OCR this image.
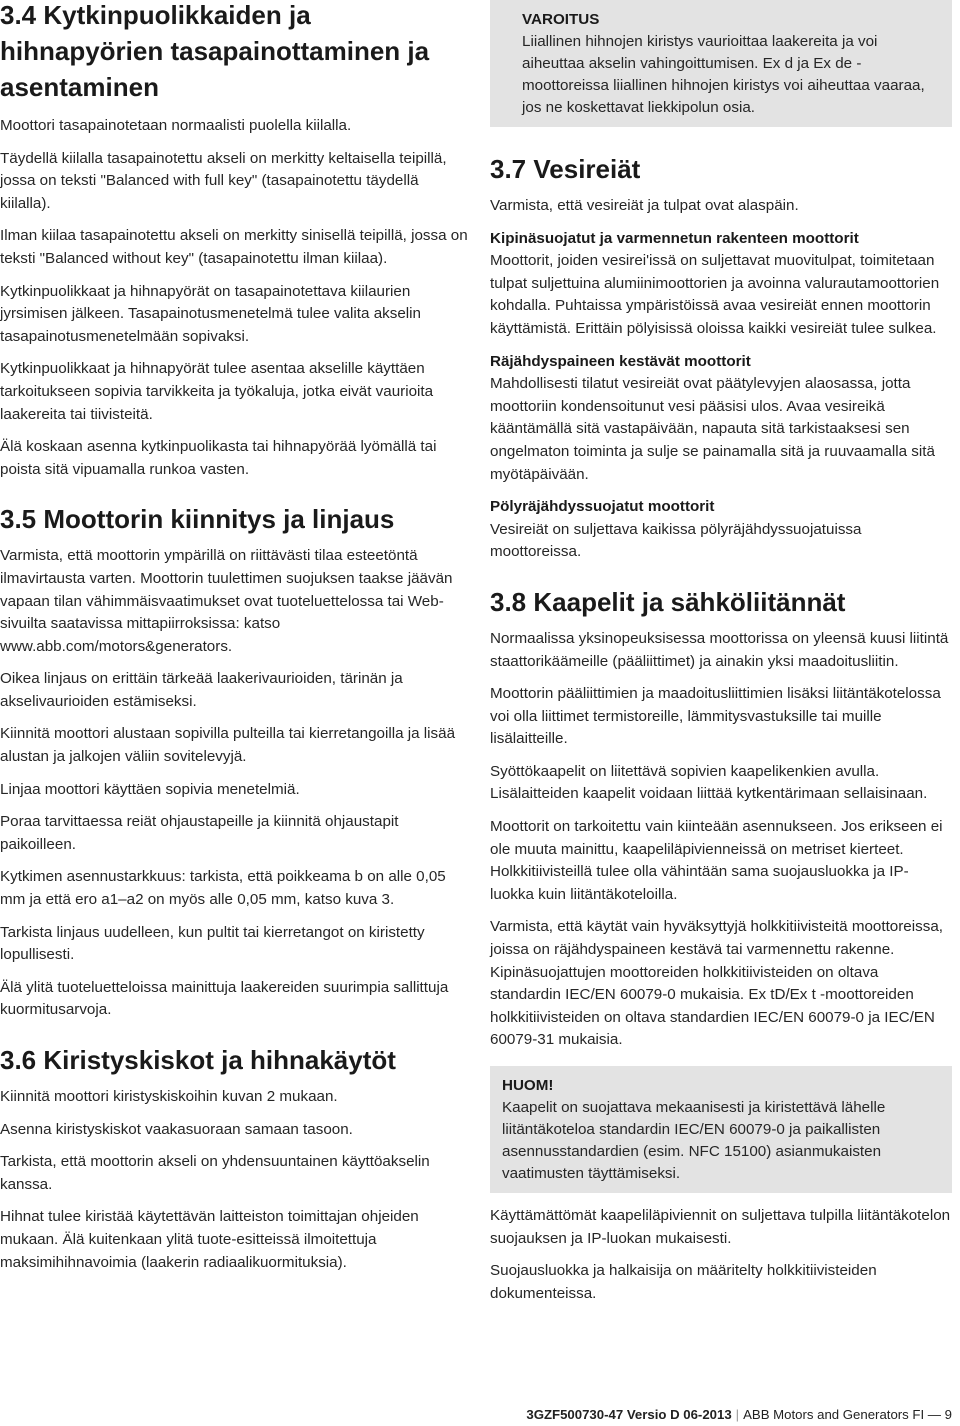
3.4 Kytkinpuolikkaiden ja hihnapyörien tasapainottaminen ja asentaminen

Moottori tasapainotetaan normaalisti puolella kiilalla.

Täydellä kiilalla tasapainotettu akseli on merkitty keltaisella teipillä, jossa on teksti "Balanced with full key" (tasapainotettu täydellä kiilalla).

Ilman kiilaa tasapainotettu akseli on merkitty sinisellä teipillä, jossa on teksti "Balanced without key" (tasapainotettu ilman kiilaa).

Kytkinpuolikkaat ja hihnapyörät on tasapainotettava kiilaurien jyrsimisen jälkeen. Tasapainotusmenetelmä tulee valita akselin tasapainotusmenetelmään sopivaksi.

Kytkinpuolikkaat ja hihnapyörät tulee asentaa akselille käyttäen tarkoitukseen sopivia tarvikkeita ja työkaluja, jotka eivät vaurioita laakereita tai tiivisteitä.

Älä koskaan asenna kytkinpuolikasta tai hihnapyörää lyömällä tai poista sitä vipuamalla runkoa vasten.

3.5 Moottorin kiinnitys ja linjaus

Varmista, että moottorin ympärillä on riittävästi tilaa esteetöntä ilmavirtausta varten. Moottorin tuulettimen suojuksen taakse jäävän vapaan tilan vähimmäisvaatimukset ovat tuoteluettelossa tai Web-sivuilta saatavissa mittapiirroksissa: katso www.abb.com/motors&generators.

Oikea linjaus on erittäin tärkeää laakerivaurioiden, tärinän ja akselivaurioiden estämiseksi.

Kiinnitä moottori alustaan sopivilla pulteilla tai kierretangoilla ja lisää alustan ja jalkojen väliin sovitelevyjä.

Linjaa moottori käyttäen sopivia menetelmiä.

Poraa tarvittaessa reiät ohjaustapeille ja kiinnitä ohjaustapit paikoilleen.

Kytkimen asennustarkkuus: tarkista, että poikkeama b on alle 0,05 mm ja että ero a1–a2 on myös alle 0,05 mm, katso kuva 3.

Tarkista linjaus uudelleen, kun pultit tai kierretangot on kiristetty lopullisesti.

Älä ylitä tuoteluetteloissa mainittuja laakereiden suurimpia sallittuja kuormitusarvoja.

3.6 Kiristyskiskot ja hihnakäytöt

Kiinnitä moottori kiristyskiskoihin kuvan 2 mukaan.

Asenna kiristyskiskot vaakasuoraan samaan tasoon.

Tarkista, että moottorin akseli on yhdensuuntainen käyttöakselin kanssa.

Hihnat tulee kiristää käytettävän laitteiston toimittajan ohjeiden mukaan. Älä kuitenkaan ylitä tuote-esitteissä ilmoitettuja maksimihihnavoimia (laakerin radiaalikuormituksia).

VAROITUS

Liiallinen hihnojen kiristys vaurioittaa laakereita ja voi aiheuttaa akselin vahingoittumisen. Ex d ja Ex de -moottoreissa liiallinen hihnojen kiristys voi aiheuttaa vaaraa, jos ne koskettavat liekkipolun osia.

3.7 Vesireiät

Varmista, että vesireiät ja tulpat ovat alaspäin.

Kipinäsuojatut ja varmennetun rakenteen moottorit

Moottorit, joiden vesirei'issä on suljettavat muovitulpat, toimitetaan tulpat suljettuina alumiinimoottorien ja avoinna valurautamoottorien kohdalla. Puhtaissa ympäristöissä avaa vesireiät ennen moottorin käyttämistä. Erittäin pölyisissä oloissa kaikki vesireiät tulee sulkea.

Räjähdyspaineen kestävät moottorit

Mahdollisesti tilatut vesireiät ovat päätylevyjen alaosassa, jotta moottoriin kondensoitunut vesi pääsisi ulos. Avaa vesireikä kääntämällä sitä vastapäivään, napauta sitä tarkistaaksesi sen ongelmaton toiminta ja sulje se painamalla sitä ja ruuvaamalla sitä myötäpäivään.

Pölyräjähdyssuojatut moottorit

Vesireiät on suljettava kaikissa pölyräjähdyssuojatuissa moottoreissa.

3.8 Kaapelit ja sähköliitännät

Normaalissa yksinopeuksisessa moottorissa on yleensä kuusi liitintä staattorikäämeille (pääliittimet) ja ainakin yksi maadoitusliitin.

Moottorin pääliittimien ja maadoitusliittimien lisäksi liitäntäkotelossa voi olla liittimet termistoreille, lämmitysvastuksille tai muille lisälaitteille.

Syöttökaapelit on liitettävä sopivien kaapelikenkien avulla. Lisälaitteiden kaapelit voidaan liittää kytkentärimaan sellaisinaan.

Moottorit on tarkoitettu vain kiinteään asennukseen. Jos erikseen ei ole muuta mainittu, kaapeliläpivienneissä on metriset kierteet. Holkkitiivisteillä tulee olla vähintään sama suojausluokka ja IP-luokka kuin liitäntäkoteloilla.

Varmista, että käytät vain hyväksyttyjä holkkitiivisteitä moottoreissa, joissa on räjähdyspaineen kestävä tai varmennettu rakenne. Kipinäsuojattujen moottoreiden holkkitiivisteiden on oltava standardin IEC/EN 60079-0 mukaisia. Ex tD/Ex t -moottoreiden holkkitiivisteiden on oltava standardien IEC/EN 60079-0 ja IEC/EN 60079-31 mukaisia.

HUOM!

Kaapelit on suojattava mekaanisesti ja kiristettävä lähelle liitäntäkoteloa standardin IEC/EN 60079-0 ja paikallisten asennusstandardien (esim. NFC 15100) asianmukaisten vaatimusten täyttämiseksi.

Käyttämättömät kaapeliläpiviennit on suljettava tulpilla liitäntäkotelon suojauksen ja IP-luokan mukaisesti.

Suojausluokka ja halkaisija on määritelty holkkitiivisteiden dokumenteissa.

3GZF500730-47 Versio D 06-2013 | ABB Motors and Generators FI — 9
